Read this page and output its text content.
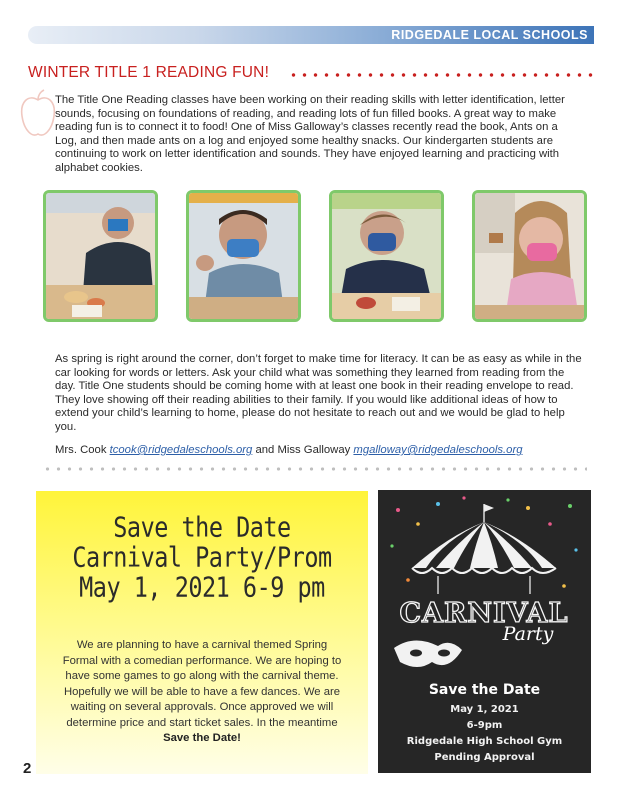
RIDGEDALE LOCAL SCHOOLS
WINTER TITLE 1 READING FUN!

The Title One Reading classes have been working on their reading skills with letter identification, letter sounds, focusing on foundations of reading, and reading lots of fun filled books. A great way to make reading fun is to connect it to food! One of Miss Galloway’s classes recently read the book, Ants on a Log, and then made ants on a log and enjoyed some healthy snacks. Our kindergarten students are continuing to work on letter identification and sounds. They have enjoyed learning and practicing with alphabet cookies.

As spring is right around the corner, don’t forget to make time for literacy. It can be as easy as while in the car looking for words or letters. Ask your child what was something they learned from reading from the day. Title One students should be coming home with at least one book in their reading envelope to read. They love showing off their reading abilities to their family. If you would like additional ideas of how to extend your child’s learning to home, please do not hesitate to reach out and we would be glad to help you.

Mrs. Cook tcook@ridgedaleschools.org and Miss Galloway mgalloway@ridgedaleschools.org
Save the Date
Carnival Party/Prom
May 1, 2021 6-9 pm

We are planning to have a carnival themed Spring Formal with a comedian performance. We are hoping to have some games to go along with the carnival theme. Hopefully we will be able to have a few dances. We are waiting on several approvals. Once approved we will determine price and start ticket sales. In the meantime Save the Date!

CARNIVAL
Party
Save the Date
May 1, 2021
6-9pm
Ridgedale High School Gym
Pending Approval
2
